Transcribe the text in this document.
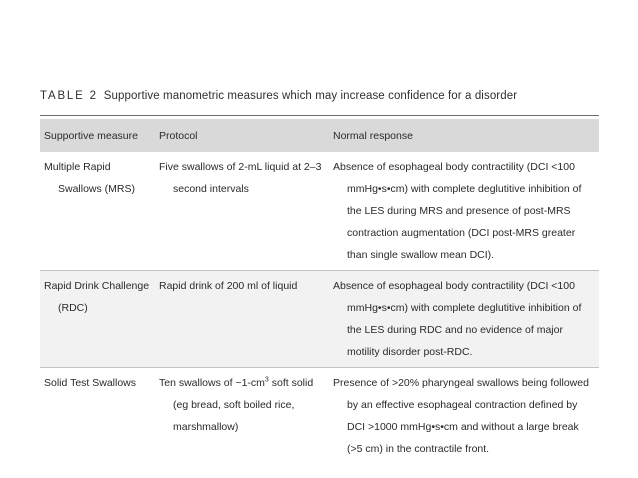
TABLE 2 Supportive manometric measures which may increase confidence for a disorder
Supportive measure	Protocol	Normal response

Multiple Rapid Swallows (MRS)	Five swallows of 2-mL liquid at 2–3 second intervals	Absence of esophageal body contractility (DCI <100 mmHg•s•cm) with complete deglutitive inhibition of the LES during MRS and presence of post-MRS contraction augmentation (DCI post-MRS greater than single swallow mean DCI).

Rapid Drink Challenge (RDC)	Rapid drink of 200 ml of liquid	Absence of esophageal body contractility (DCI <100 mmHg•s•cm) with complete deglutitive inhibition of the LES during RDC and no evidence of major motility disorder post-RDC.

Solid Test Swallows	Ten swallows of $\sim 1-cm^3$ soft solid (eg bread, soft boiled rice, marshmallow)	Presence of >20% pharyngeal swallows being followed by an effective esophageal contraction defined by DCI >1000 mmHg•s•cm and without a large break (>5 cm) in the contractile front.
